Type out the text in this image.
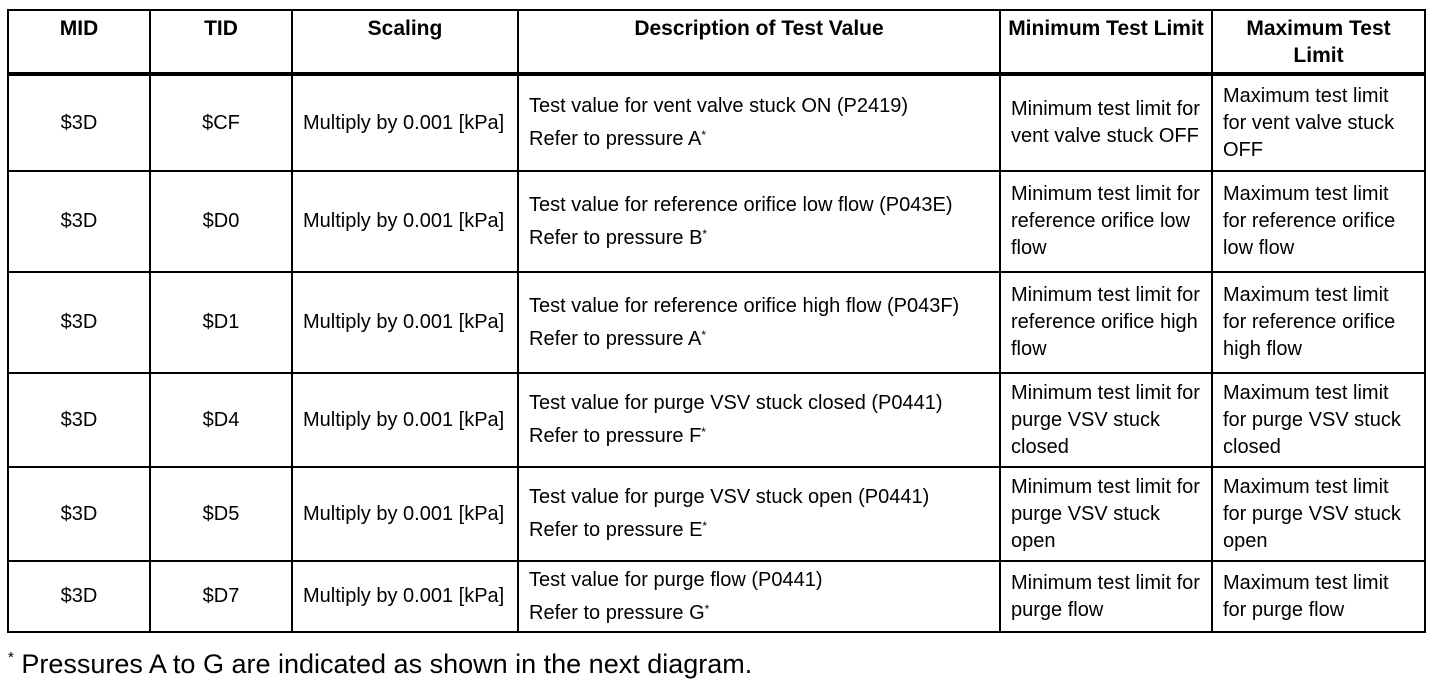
MID	TID	Scaling	Description of Test Value	Minimum Test Limit	Maximum Test Limit
$3D	$CF	Multiply by 0.001 [kPa]	Test value for vent valve stuck ON (P2419)
Refer to pressure A*	Minimum test limit for vent valve stuck OFF	Maximum test limit for vent valve stuck OFF
$3D	$D0	Multiply by 0.001 [kPa]	Test value for reference orifice low flow (P043E)
Refer to pressure B*	Minimum test limit for reference orifice low flow	Maximum test limit for reference orifice low flow
$3D	$D1	Multiply by 0.001 [kPa]	Test value for reference orifice high flow (P043F)
Refer to pressure A*	Minimum test limit for reference orifice high flow	Maximum test limit for reference orifice high flow
$3D	$D4	Multiply by 0.001 [kPa]	Test value for purge VSV stuck closed (P0441)
Refer to pressure F*	Minimum test limit for purge VSV stuck closed	Maximum test limit for purge VSV stuck closed
$3D	$D5	Multiply by 0.001 [kPa]	Test value for purge VSV stuck open (P0441)
Refer to pressure E*	Minimum test limit for purge VSV stuck open	Maximum test limit for purge VSV stuck open
$3D	$D7	Multiply by 0.001 [kPa]	Test value for purge flow (P0441)
Refer to pressure G*	Minimum test limit for purge flow	Maximum test limit for purge flow
* Pressures A to G are indicated as shown in the next diagram.
